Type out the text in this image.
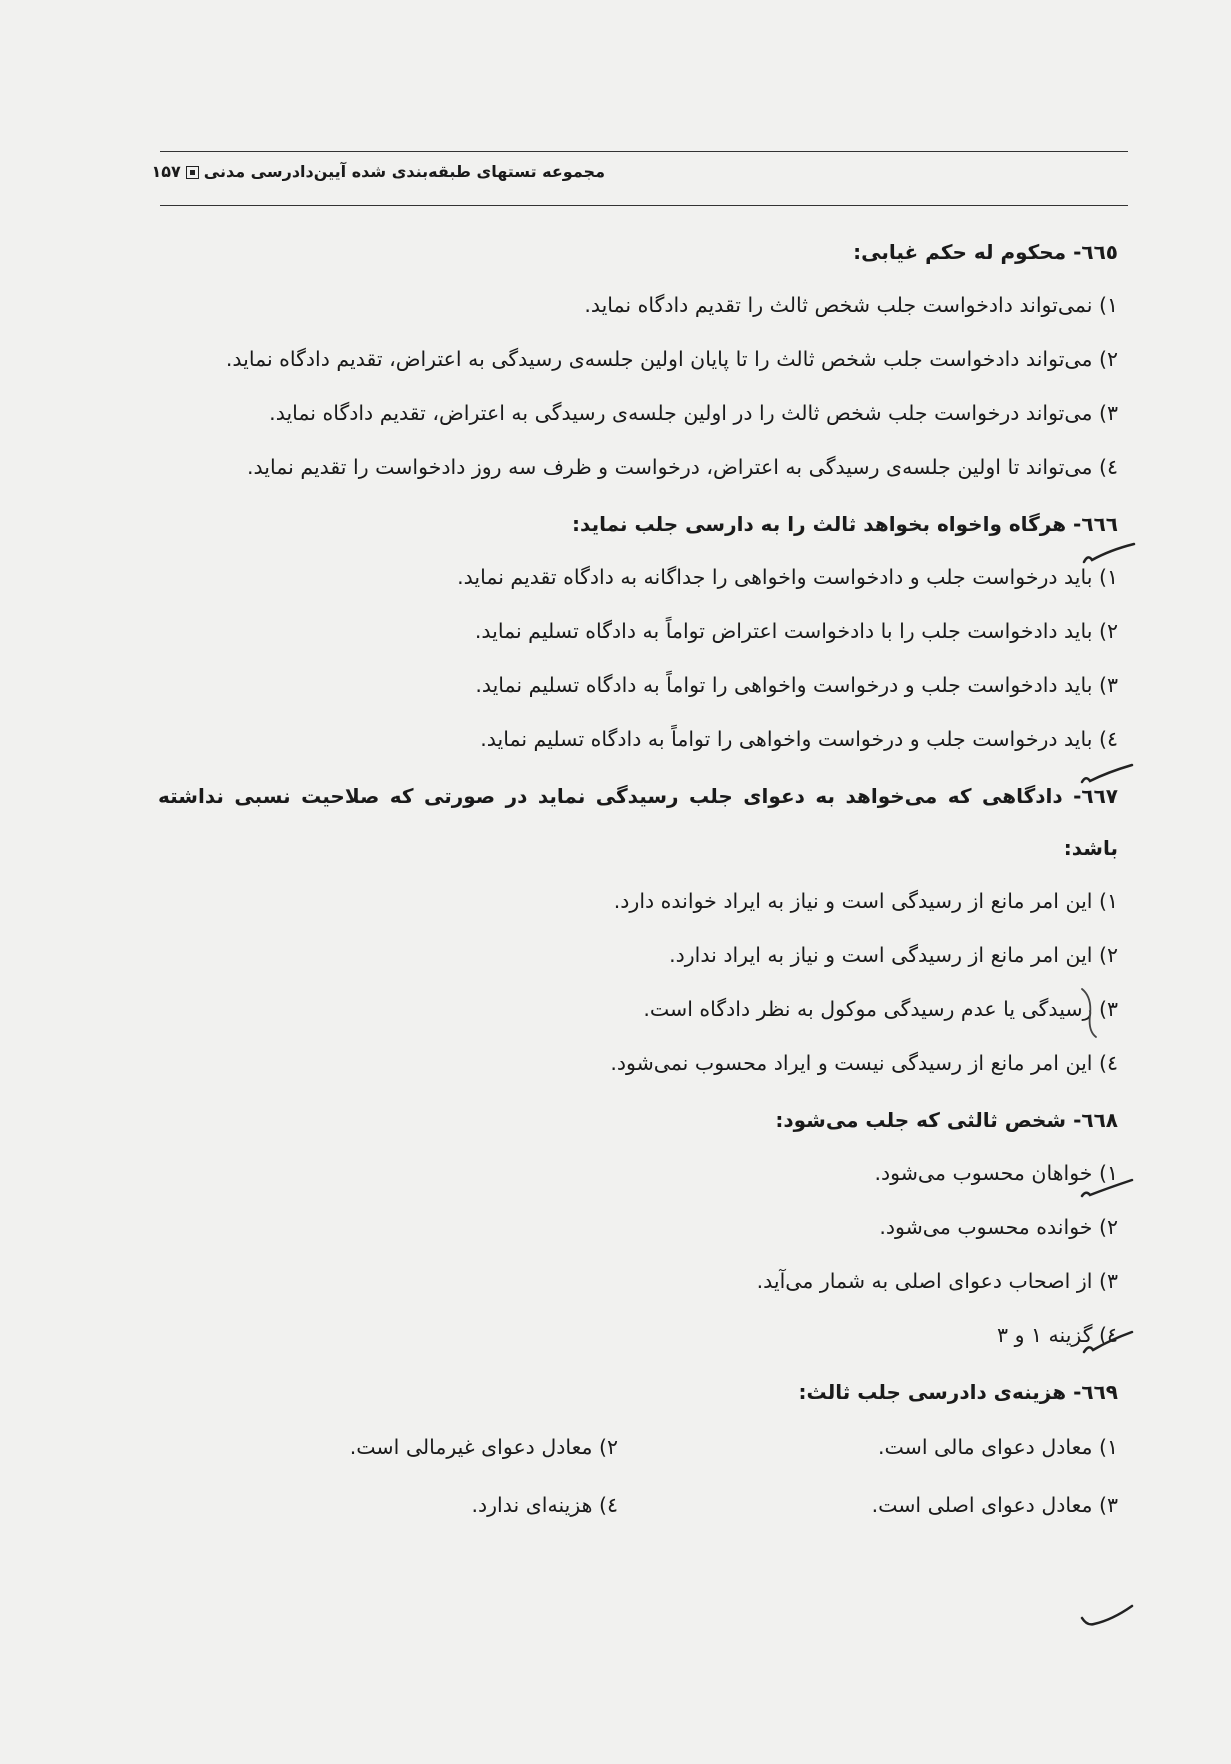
مجموعه تستهای طبقه‌بندی شده آیین‌دادرسی مدنی۱۵۷

٦٦٥- محکوم له حکم غیابی:

۱) نمی‌تواند دادخواست جلب شخص ثالث را تقدیم دادگاه نماید.

۲) می‌تواند دادخواست جلب شخص ثالث را تا پایان اولین جلسه‌ی رسیدگی به اعتراض، تقدیم دادگاه نماید.

۳) می‌تواند درخواست جلب شخص ثالث را در اولین جلسه‌ی رسیدگی به اعتراض، تقدیم دادگاه نماید.

٤) می‌تواند تا اولین جلسه‌ی رسیدگی به اعتراض، درخواست و ظرف سه روز دادخواست را تقدیم نماید.

٦٦٦- هرگاه واخواه بخواهد ثالث را به دارسی جلب نماید:

۱) باید درخواست جلب و دادخواست واخواهی را جداگانه به دادگاه تقدیم نماید.

۲) باید دادخواست جلب را با دادخواست اعتراض تواماً به دادگاه تسلیم نماید.

۳) باید دادخواست جلب و درخواست واخواهی را تواماً به دادگاه تسلیم نماید.

٤) باید درخواست جلب و درخواست واخواهی را تواماً به دادگاه تسلیم نماید.

٦٦٧- دادگاهی که می‌خواهد به دعوای جلب رسیدگی نماید در صورتی که صلاحیت نسبی نداشته باشد:

۱) این امر مانع از رسیدگی است و نیاز به ایراد خوانده دارد.

۲) این امر مانع از رسیدگی است و نیاز به ایراد ندارد.

۳) رسیدگی یا عدم رسیدگی موکول به نظر دادگاه است.

٤) این امر مانع از رسیدگی نیست و ایراد محسوب نمی‌شود.

٦٦٨- شخص ثالثی که جلب می‌شود:

۱) خواهان محسوب می‌شود.

۲) خوانده محسوب می‌شود.

۳) از اصحاب دعوای اصلی به شمار می‌آید.

٤) گزینه ۱ و ۳

٦٦٩- هزینه‌ی دادرسی جلب ثالث:

۱) معادل دعوای مالی است.

۲) معادل دعوای غیرمالی است.

۳) معادل دعوای اصلی است.

٤) هزینه‌ای ندارد.
